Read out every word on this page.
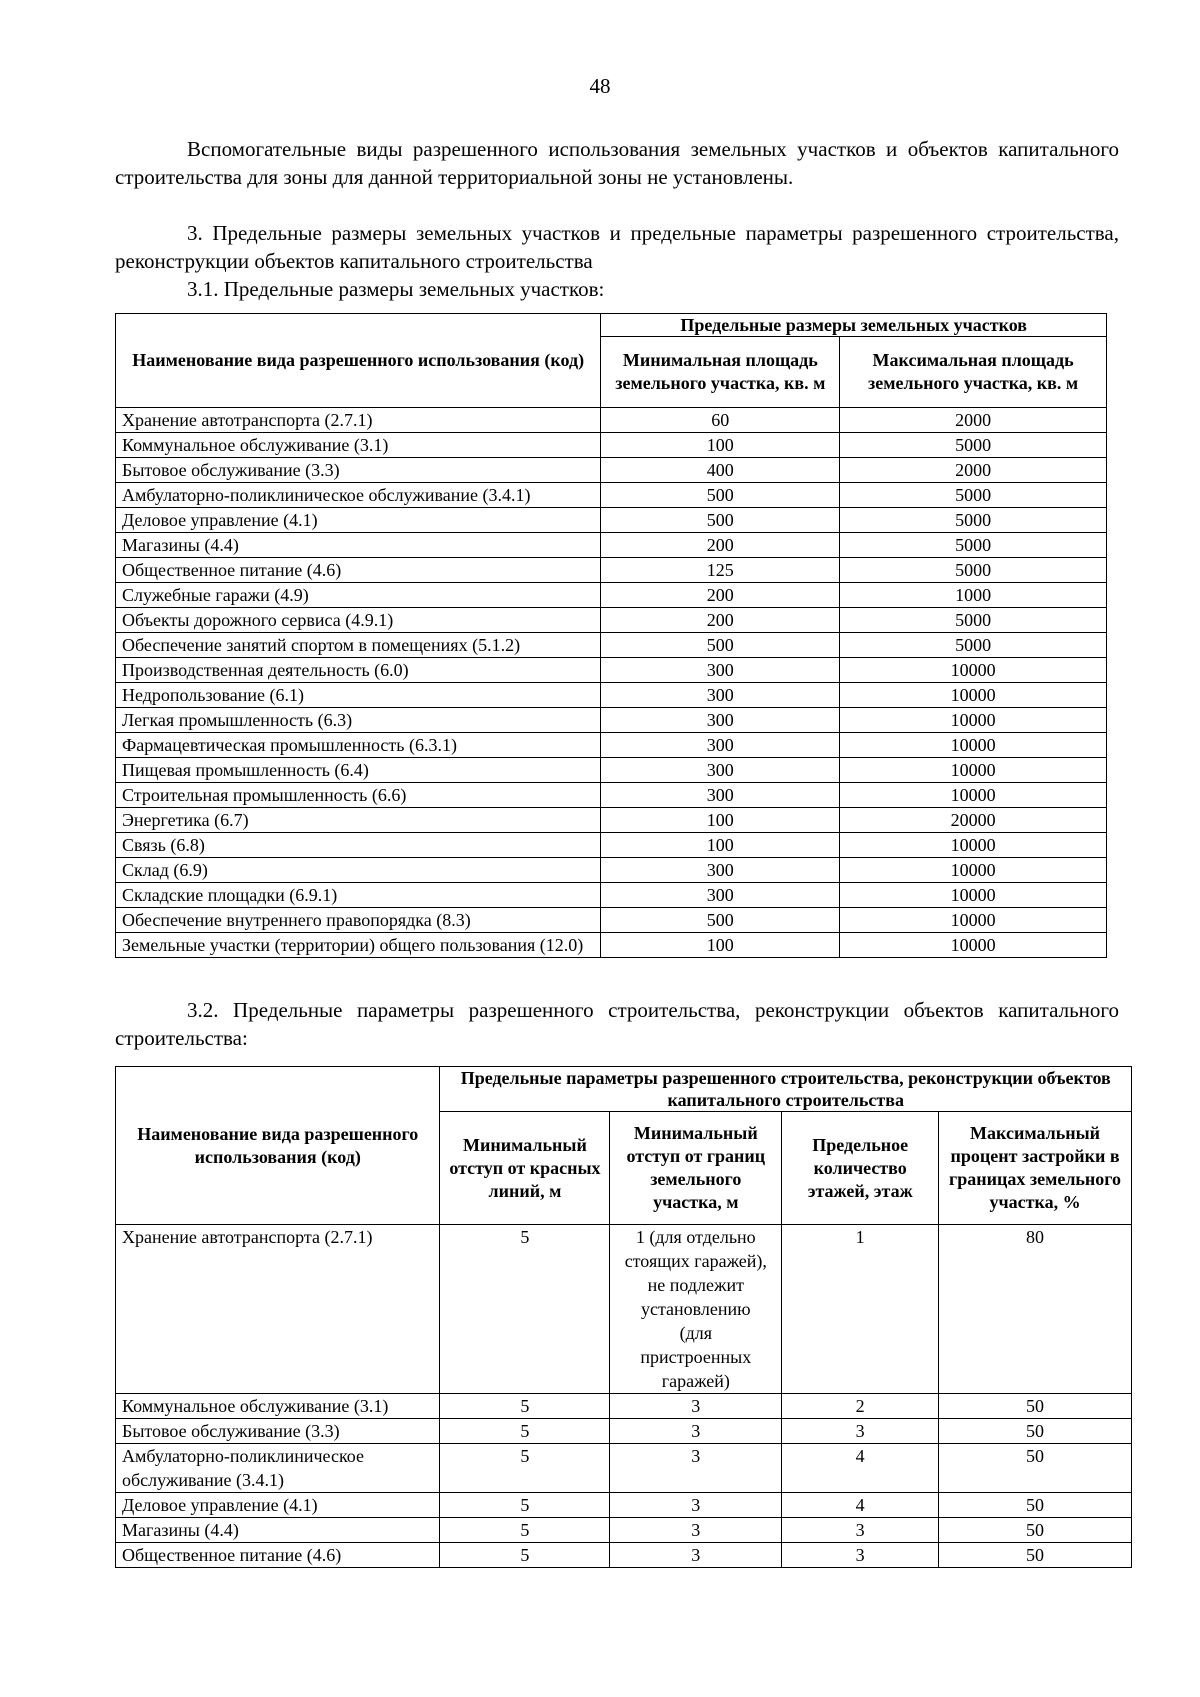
48

Вспомогательные виды разрешенного использования земельных участков и объектов капитального строительства для зоны для данной территориальной зоны не установлены.

3. Предельные размеры земельных участков и предельные параметры разрешенного строительства, реконструкции объектов капитального строительства

3.1. Предельные размеры земельных участков:

Наименование вида разрешенного использования (код)	Предельные размеры земельных участков	
	Минимальная площадь земельного участка, кв. м	Максимальная площадь земельного участка, кв. м
Хранение автотранспорта (2.7.1)	60	2000
Коммунальное обслуживание (3.1)	100	5000
Бытовое обслуживание (3.3)	400	2000
Амбулаторно-поликлиническое обслуживание (3.4.1)	500	5000
Деловое управление (4.1)	500	5000
Магазины (4.4)	200	5000
Общественное питание (4.6)	125	5000
Служебные гаражи (4.9)	200	1000
Объекты дорожного сервиса (4.9.1)	200	5000
Обеспечение занятий спортом в помещениях (5.1.2)	500	5000
Производственная деятельность (6.0)	300	10000
Недропользование (6.1)	300	10000
Легкая промышленность (6.3)	300	10000
Фармацевтическая промышленность (6.3.1)	300	10000
Пищевая промышленность (6.4)	300	10000
Строительная промышленность (6.6)	300	10000
Энергетика (6.7)	100	20000
Связь (6.8)	100	10000
Склад (6.9)	300	10000
Складские площадки (6.9.1)	300	10000
Обеспечение внутреннего правопорядка (8.3)	500	10000
Земельные участки (территории) общего пользования (12.0)	100	10000

3.2. Предельные параметры разрешенного строительства, реконструкции объектов капитального строительства:

Наименование вида разрешенного использования (код)	Предельные параметры разрешенного строительства, реконструкции объектов капитального строительства			
	Минимальный отступ от красных линий, м	Минимальный отступ от границ земельного участка, м	Предельное количество этажей, этаж	Максимальный процент застройки в границах земельного участка, %
Хранение автотранспорта (2.7.1)	5	1 (для отдельно стоящих гаражей), не подлежит установлению (для пристроенных гаражей)	1	80
Коммунальное обслуживание (3.1)	5	3	2	50
Бытовое обслуживание (3.3)	5	3	3	50
Амбулаторно-поликлиническое обслуживание (3.4.1)	5	3	4	50
Деловое управление (4.1)	5	3	4	50
Магазины (4.4)	5	3	3	50
Общественное питание (4.6)	5	3	3	50
